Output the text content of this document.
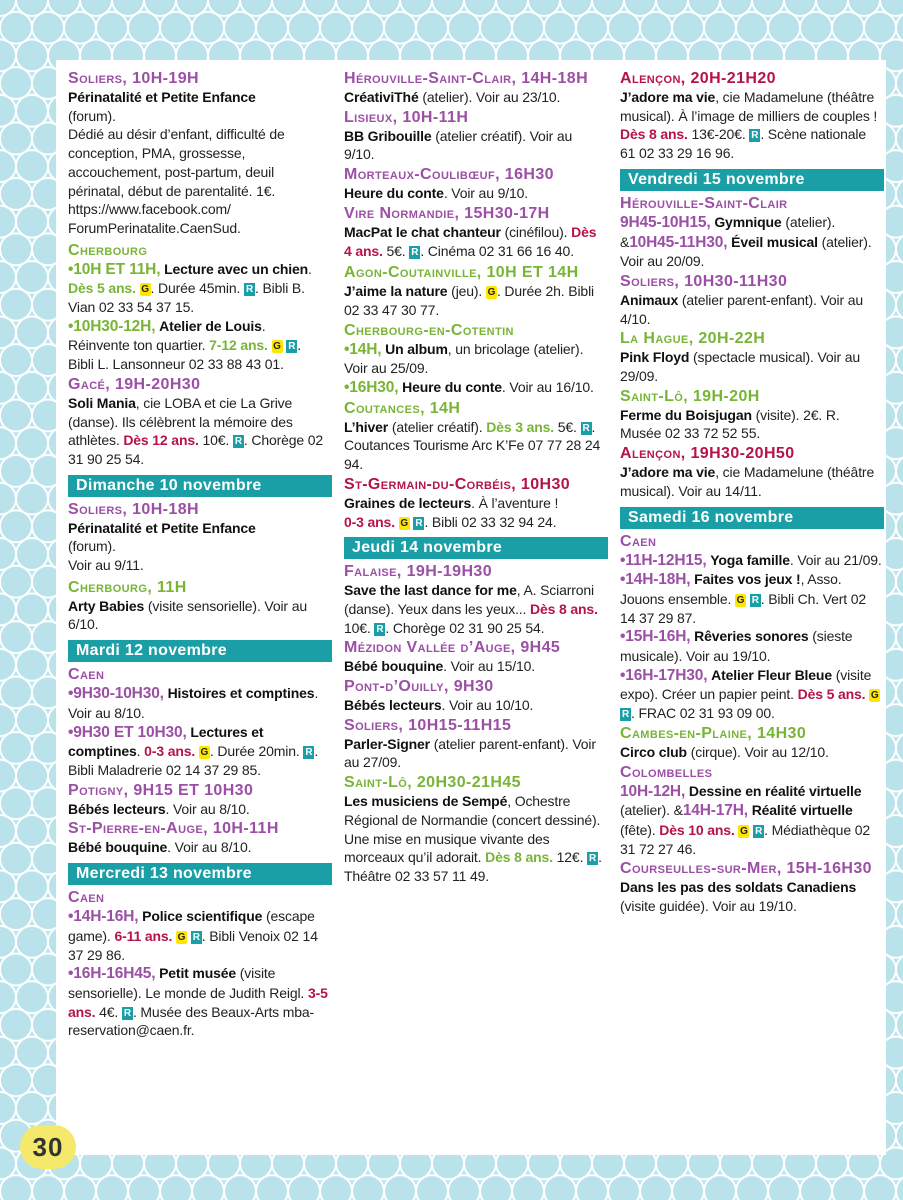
Soliers, 10H-19H

Périnatalité et Petite Enfance
(forum).
Dédié au désir d’enfant, difficulté de conception, PMA, grossesse, accouchement, post-partum, deuil périnatal, début de parentalité. 1€. https://www.facebook.com/ ForumPerinatalite.CaenSud.

Cherbourg

•10H ET 11H, Lecture avec un chien. Dès 5 ans. G . Durée 45min. R . Bibli B. Vian 02 33 54 37 15.

•10H30-12H, Atelier de Louis. Réinvente ton quartier. 7-12 ans. G R . Bibli L. Lansonneur 02 33 88 43 01.

Gacé, 19H-20H30

Soli Mania, cie LOBA et cie La Grive (danse). Ils célèbrent la mémoire des athlètes. Dès 12 ans. 10€. R . Chorège 02 31 90 25 54.

Dimanche 10 novembre

Soliers, 10H-18H

Périnatalité et Petite Enfance
(forum).
Voir au 9/11.

Cherbourg, 11H

Arty Babies (visite sensorielle). Voir au 6/10.

Mardi 12 novembre

Caen

•9H30-10H30, Histoires et comptines. Voir au 8/10.

•9H30 ET 10H30, Lectures et comptines. 0-3 ans. G . Durée 20min. R . Bibli Maladrerie 02 14 37 29 85.

Potigny, 9H15 ET 10H30

Bébés lecteurs. Voir au 8/10.

St-Pierre-en-Auge, 10H-11H

Bébé bouquine. Voir au 8/10.

Mercredi 13 novembre

Caen

•14H-16H, Police scientifique (escape game). 6-11 ans. G R . Bibli Venoix 02 14 37 29 86.

•16H-16H45, Petit musée (visite sensorielle). Le monde de Judith Reigl. 3-5 ans. 4€. R . Musée des Beaux-Arts mba-reservation@caen.fr.

Hérouville-Saint-Clair, 14H-18H

CréativiThé (atelier). Voir au 23/10.

Lisieux, 10H-11H

BB Gribouille (atelier créatif). Voir au 9/10.

Morteaux-Coulibœuf, 16H30

Heure du conte. Voir au 9/10.

Vire Normandie, 15H30-17H

MacPat le chat chanteur (cinéfilou). Dès 4 ans. 5€. R . Cinéma 02 31 66 16 40.

Agon-Coutainville, 10H ET 14H

J’aime la nature (jeu). G . Durée 2h. Bibli 02 33 47 30 77.

Cherbourg-en-Cotentin

•14H, Un album, un bricolage (atelier). Voir au 25/09.

•16H30, Heure du conte. Voir au 16/10.

Coutances, 14H

L’hiver (atelier créatif). Dès 3 ans. 5€. R . Coutances Tourisme Arc K’Fe 07 77 28 24 94.

St-Germain-du-Corbéis, 10H30

Graines de lecteurs. À l’aventure !
0-3 ans. G R . Bibli 02 33 32 94 24.

Jeudi 14 novembre

Falaise, 19H-19H30

Save the last dance for me, A. Sciarroni (danse). Yeux dans les yeux... Dès 8 ans. 10€. R . Chorège 02 31 90 25 54.

Mézidon Vallée d’Auge, 9H45

Bébé bouquine. Voir au 15/10.

Pont-d’Ouilly, 9H30

Bébés lecteurs. Voir au 10/10.

Soliers, 10H15-11H15

Parler-Signer (atelier parent-enfant). Voir au 27/09.

Saint-Lô, 20H30-21H45

Les musiciens de Sempé, Ochestre Régional de Normandie (concert dessiné). Une mise en musique vivante des morceaux qu’il adorait. Dès 8 ans. 12€. R . Théâtre 02 33 57 11 49.

Alençon, 20H-21H20

J’adore ma vie, cie Madamelune (théâtre musical). À l’image de milliers de couples ! Dès 8 ans. 13€-20€. R . Scène nationale 61 02 33 29 16 96.

Vendredi 15 novembre

Hérouville-Saint-Clair

9H45-10H15, Gymnique (atelier). &10H45-11H30, Éveil musical (atelier). Voir au 20/09.

Soliers, 10H30-11H30

Animaux (atelier parent-enfant). Voir au 4/10.

La Hague, 20H-22H

Pink Floyd (spectacle musical). Voir au 29/09.

Saint-Lô, 19H-20H

Ferme du Boisjugan (visite). 2€. R. Musée 02 33 72 52 55.

Alençon, 19H30-20H50

J’adore ma vie, cie Madamelune (théâtre musical). Voir au 14/11.

Samedi 16 novembre

Caen

•11H-12H15, Yoga famille. Voir au 21/09.

•14H-18H, Faites vos jeux !, Asso. Jouons ensemble. G R . Bibli Ch. Vert 02 14 37 29 87.

•15H-16H, Rêveries sonores (sieste musicale). Voir au 19/10.

•16H-17H30, Atelier Fleur Bleue (visite expo). Créer un papier peint. Dès 5 ans. G R . FRAC 02 31 93 09 00.

Cambes-en-Plaine, 14H30

Circo club (cirque). Voir au 12/10.

Colombelles

10H-12H, Dessine en réalité virtuelle (atelier). &14H-17H, Réalité virtuelle (fête). Dès 10 ans. G R . Médiathèque 02 31 72 27 46.

Courseulles-sur-Mer, 15H-16H30

Dans les pas des soldats Canadiens (visite guidée). Voir au 19/10.

30
